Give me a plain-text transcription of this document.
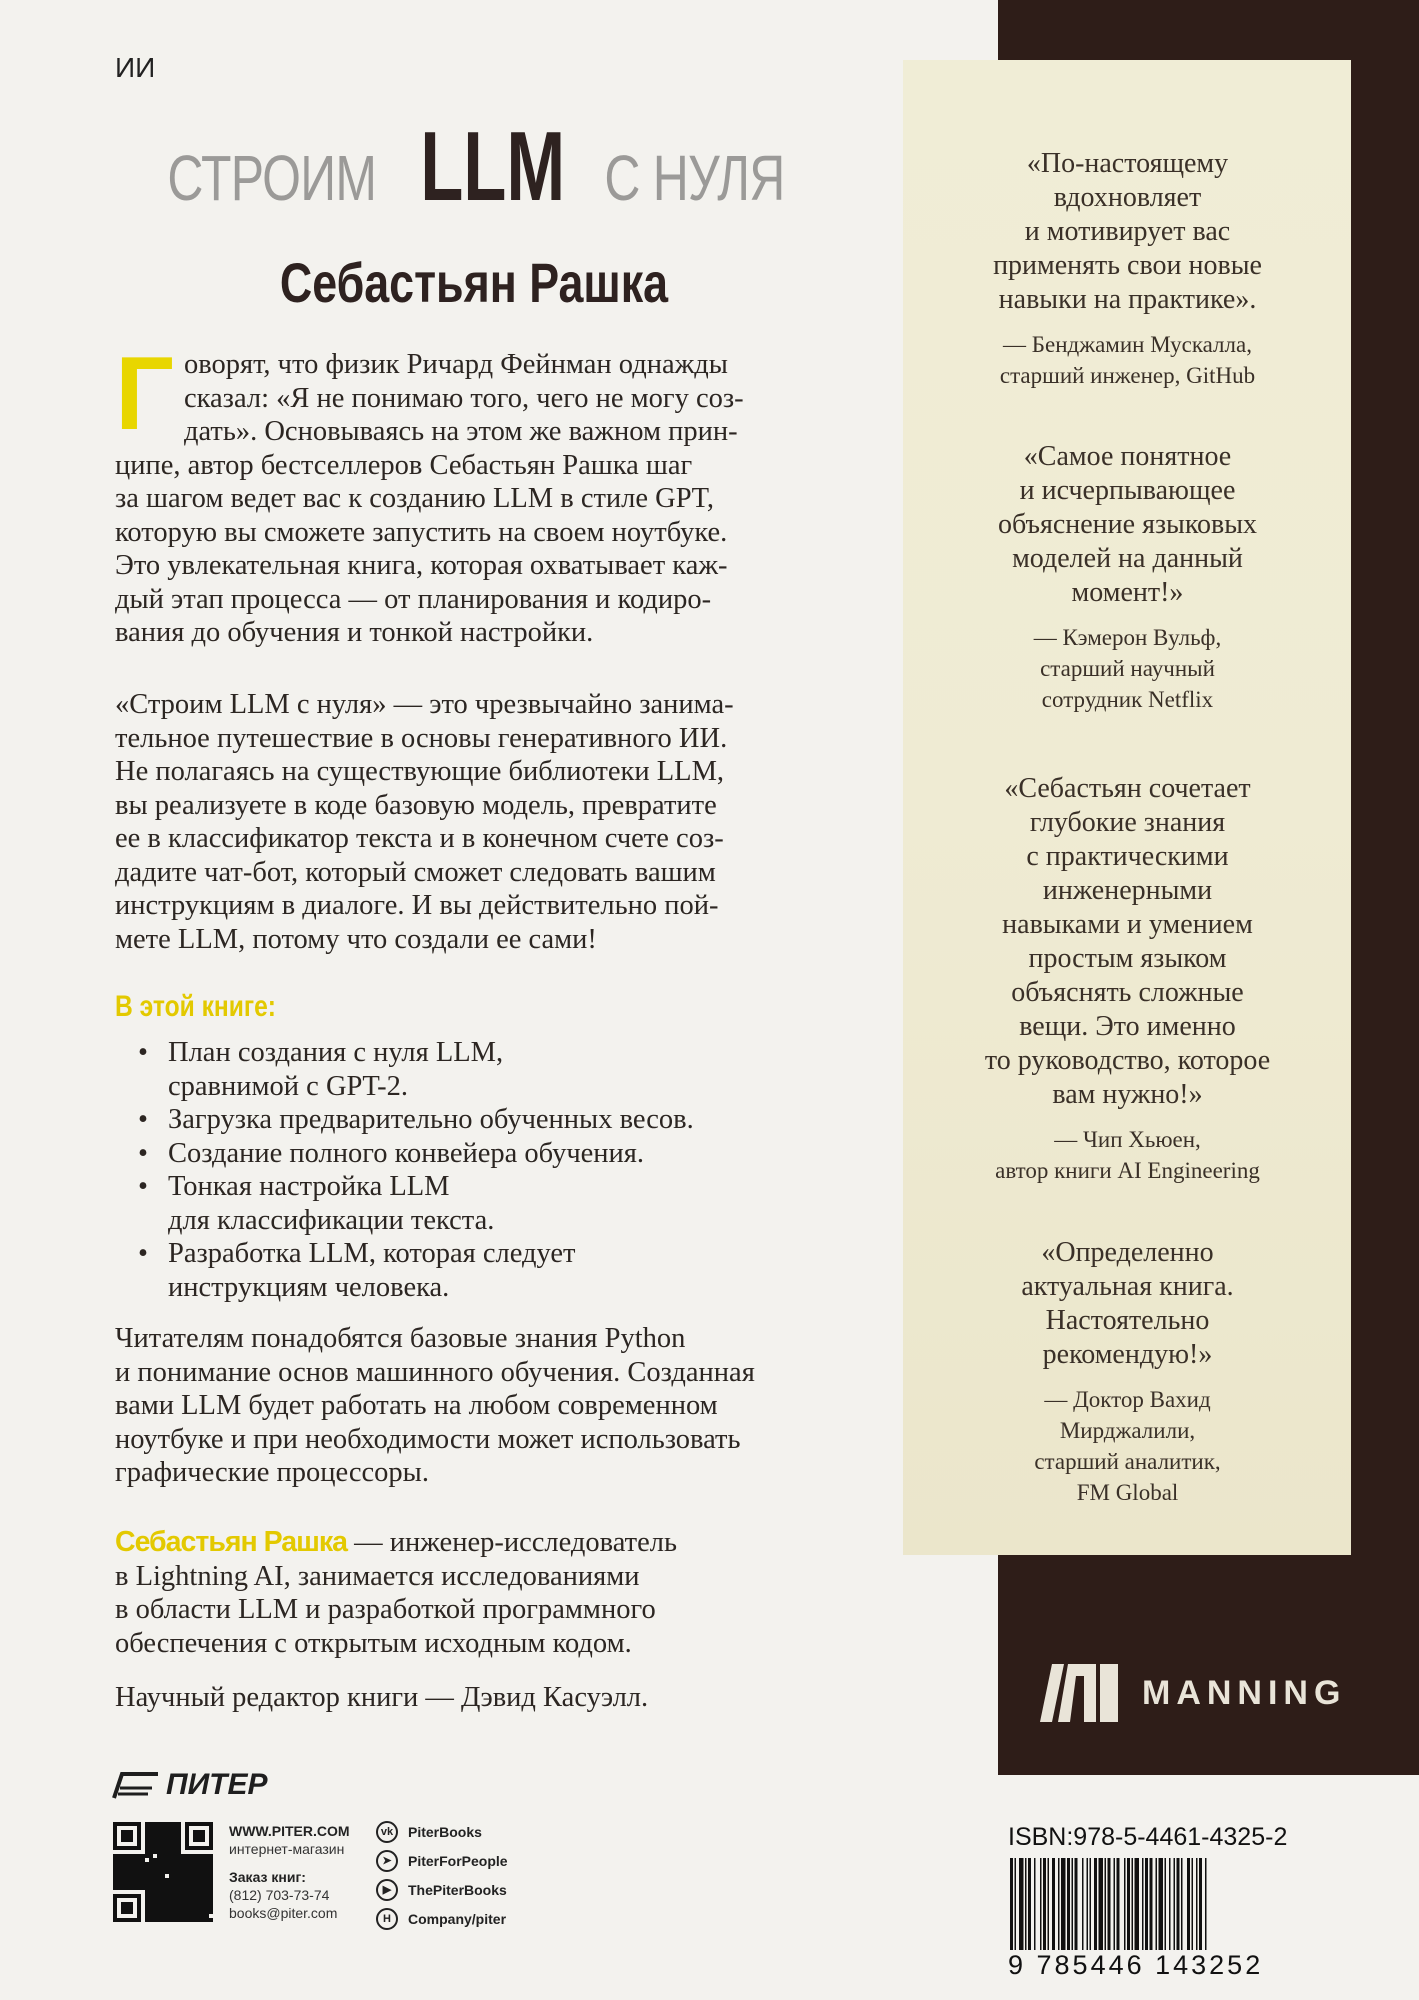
ИИ
СТРОИМ LLM С НУЛЯ
Себастьян Рашка
Г оворят, что физик Ричард Фейнман однажды
сказал: «Я не понимаю того, чего не могу соз-
дать». Основываясь на этом же важном прин-
ципе, автор бестселлеров Себастьян Рашка шаг
за шагом ведет вас к созданию LLM в стиле GPT,
которую вы сможете запустить на своем ноутбуке.
Это увлекательная книга, которая охватывает каж-
дый этап процесса — от планирования и кодиро-
вания до обучения и тонкой настройки.
«Строим LLM с нуля» — это чрезвычайно занима-
тельное путешествие в основы генеративного ИИ.
Не полагаясь на существующие библиотеки LLM,
вы реализуете в коде базовую модель, превратите
ее в классификатор текста и в конечном счете соз-
дадите чат-бот, который сможет следовать вашим
инструкциям в диалоге. И вы действительно пой-
мете LLM, потому что создали ее сами!
В этой книге:
• План создания с нуля LLM,
сравнимой с GPT-2.
• Загрузка предварительно обученных весов.
• Создание полного конвейера обучения.
• Тонкая настройка LLM
для классификации текста.
• Разработка LLM, которая следует
инструкциям человека.
Читателям понадобятся базовые знания Python
и понимание основ машинного обучения. Созданная
вами LLM будет работать на любом современном
ноутбуке и при необходимости может использовать
графические процессоры.
Себастьян Рашка — инженер-исследователь
в Lightning AI, занимается исследованиями
в области LLM и разработкой программного
обеспечения с открытым исходным кодом.
Научный редактор книги — Дэвид Касуэлл.
«По-настоящему
вдохновляет
и мотивирует вас
применять свои новые
навыки на практике».
— Бенджамин Мускалла,
старший инженер, GitHub
«Самое понятное
и исчерпывающее
объяснение языковых
моделей на данный
момент!»
— Кэмерон Вульф,
старший научный
сотрудник Netflix
«Себастьян сочетает
глубокие знания
с практическими
инженерными
навыками и умением
простым языком
объяснять сложные
вещи. Это именно
то руководство, которое
вам нужно!»
— Чип Хьюен,
автор книги AI Engineering
«Определенно
актуальная книга.
Настоятельно
рекомендую!»
— Доктор Вахид
Мирджалили,
старший аналитик,
FM Global
MANNING
ISBN:978-5-4461-4325-2
9 785446 143252
ПИТЕР
WWW.PITER.COM
интернет-магазин
Заказ книг:
(812) 703-73-74
books@piter.com
vk	PiterBooks
➤	PiterForPeople
▶	ThePiterBooks
H	Company/piter
